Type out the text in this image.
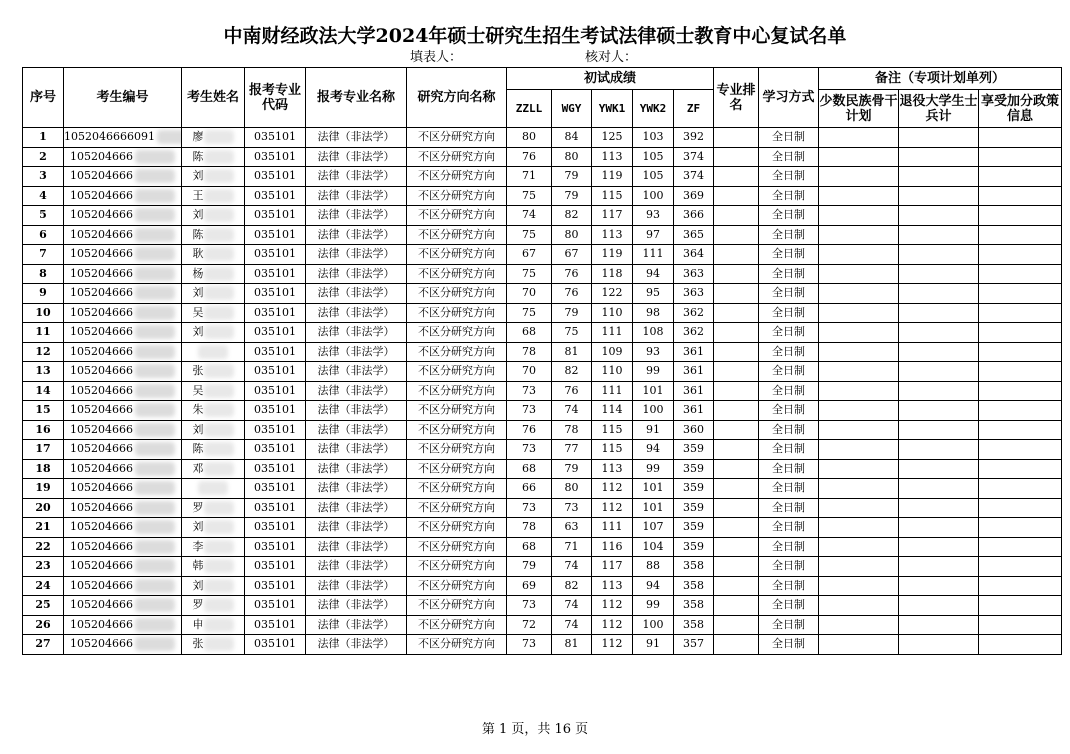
中南财经政法大学2024年硕士研究生招生考试法律硕士教育中心复试名单
填表人：	核对人：
序号	考生编号	考生姓名	报考专业代码	报考专业名称	研究方向名称	初试成绩					专业排名	学习方式	备注（专项计划单列）		
						ZZLL	WGY	YWK1	YWK2	ZF			少数民族骨干计划	退役大学生士兵计	享受加分政策信息
1	1052046666091	廖	035101	法律（非法学）	不区分研究方向	80	84	125	103	392		全日制			
2	105204666	陈	035101	法律（非法学）	不区分研究方向	76	80	113	105	374		全日制			
3	105204666	刘	035101	法律（非法学）	不区分研究方向	71	79	119	105	374		全日制			
4	105204666	王	035101	法律（非法学）	不区分研究方向	75	79	115	100	369		全日制			
5	105204666	刘	035101	法律（非法学）	不区分研究方向	74	82	117	93	366		全日制			
6	105204666	陈	035101	法律（非法学）	不区分研究方向	75	80	113	97	365		全日制			
7	105204666	耿	035101	法律（非法学）	不区分研究方向	67	67	119	111	364		全日制			
8	105204666	杨	035101	法律（非法学）	不区分研究方向	75	76	118	94	363		全日制			
9	105204666	刘	035101	法律（非法学）	不区分研究方向	70	76	122	95	363		全日制			
10	105204666	吴	035101	法律（非法学）	不区分研究方向	75	79	110	98	362		全日制			
11	105204666	刘	035101	法律（非法学）	不区分研究方向	68	75	111	108	362		全日制			
12	105204666		035101	法律（非法学）	不区分研究方向	78	81	109	93	361		全日制			
13	105204666	张	035101	法律（非法学）	不区分研究方向	70	82	110	99	361		全日制			
14	105204666	吴	035101	法律（非法学）	不区分研究方向	73	76	111	101	361		全日制			
15	105204666	朱	035101	法律（非法学）	不区分研究方向	73	74	114	100	361		全日制			
16	105204666	刘	035101	法律（非法学）	不区分研究方向	76	78	115	91	360		全日制			
17	105204666	陈	035101	法律（非法学）	不区分研究方向	73	77	115	94	359		全日制			
18	105204666	邓	035101	法律（非法学）	不区分研究方向	68	79	113	99	359		全日制			
19	105204666		035101	法律（非法学）	不区分研究方向	66	80	112	101	359		全日制			
20	105204666	罗	035101	法律（非法学）	不区分研究方向	73	73	112	101	359		全日制			
21	105204666	刘	035101	法律（非法学）	不区分研究方向	78	63	111	107	359		全日制			
22	105204666	李	035101	法律（非法学）	不区分研究方向	68	71	116	104	359		全日制			
23	105204666	韩	035101	法律（非法学）	不区分研究方向	79	74	117	88	358		全日制			
24	105204666	刘	035101	法律（非法学）	不区分研究方向	69	82	113	94	358		全日制			
25	105204666	罗	035101	法律（非法学）	不区分研究方向	73	74	112	99	358		全日制			
26	105204666	申	035101	法律（非法学）	不区分研究方向	72	74	112	100	358		全日制			
27	105204666	张	035101	法律（非法学）	不区分研究方向	73	81	112	91	357		全日制			
第 1 页，共 16 页
